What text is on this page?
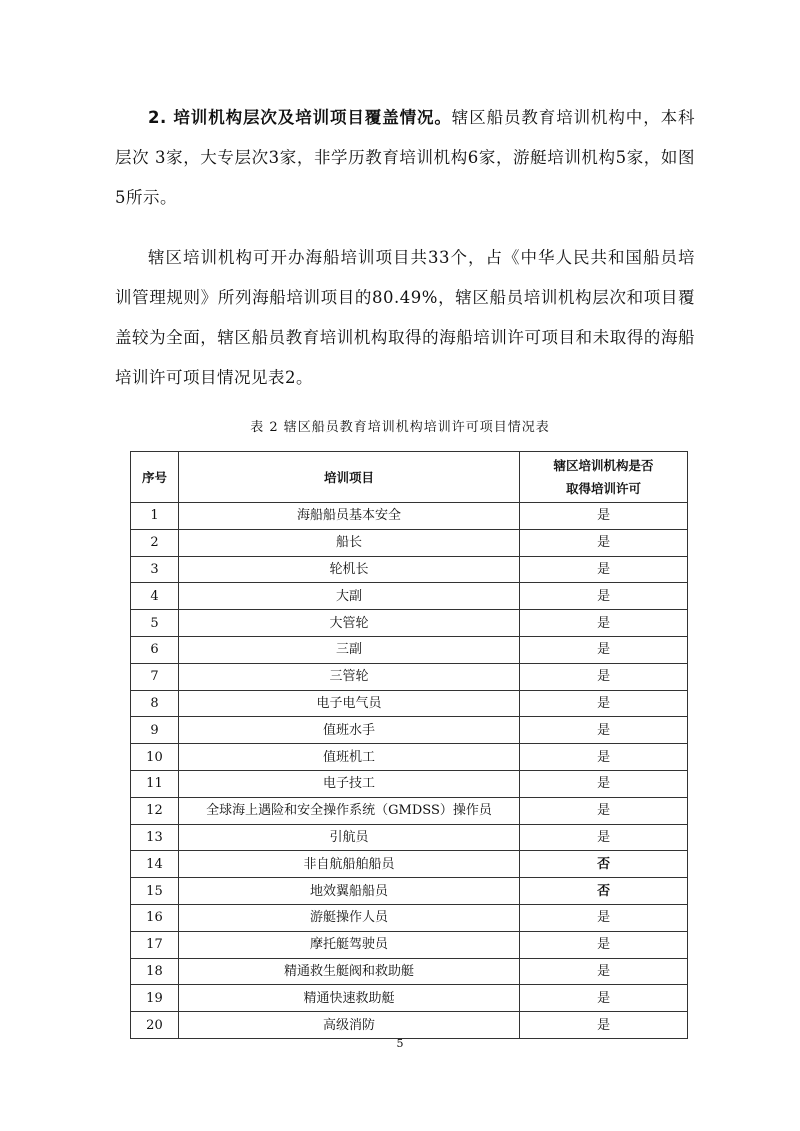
2. 培训机构层次及培训项目覆盖情况。辖区船员教育培训机构中，本科层次 3家，大专层次3家，非学历教育培训机构6家，游艇培训机构5家，如图5所示。

辖区培训机构可开办海船培训项目共33个，占《中华人民共和国船员培训管理规则》所列海船培训项目的80.49%，辖区船员培训机构层次和项目覆盖较为全面，辖区船员教育培训机构取得的海船培训许可项目和未取得的海船培训许可项目情况见表2。

表 2 辖区船员教育培训机构培训许可项目情况表

序号	培训项目	辖区培训机构是否取得培训许可
1	海船船员基本安全	是
2	船长	是
3	轮机长	是
4	大副	是
5	大管轮	是
6	三副	是
7	三管轮	是
8	电子电气员	是
9	值班水手	是
10	值班机工	是
11	电子技工	是
12	全球海上遇险和安全操作系统（GMDSS）操作员	是
13	引航员	是
14	非自航船舶船员	否
15	地效翼船船员	否
16	游艇操作人员	是
17	摩托艇驾驶员	是
18	精通救生艇阀和救助艇	是
19	精通快速救助艇	是
20	高级消防	是

5
